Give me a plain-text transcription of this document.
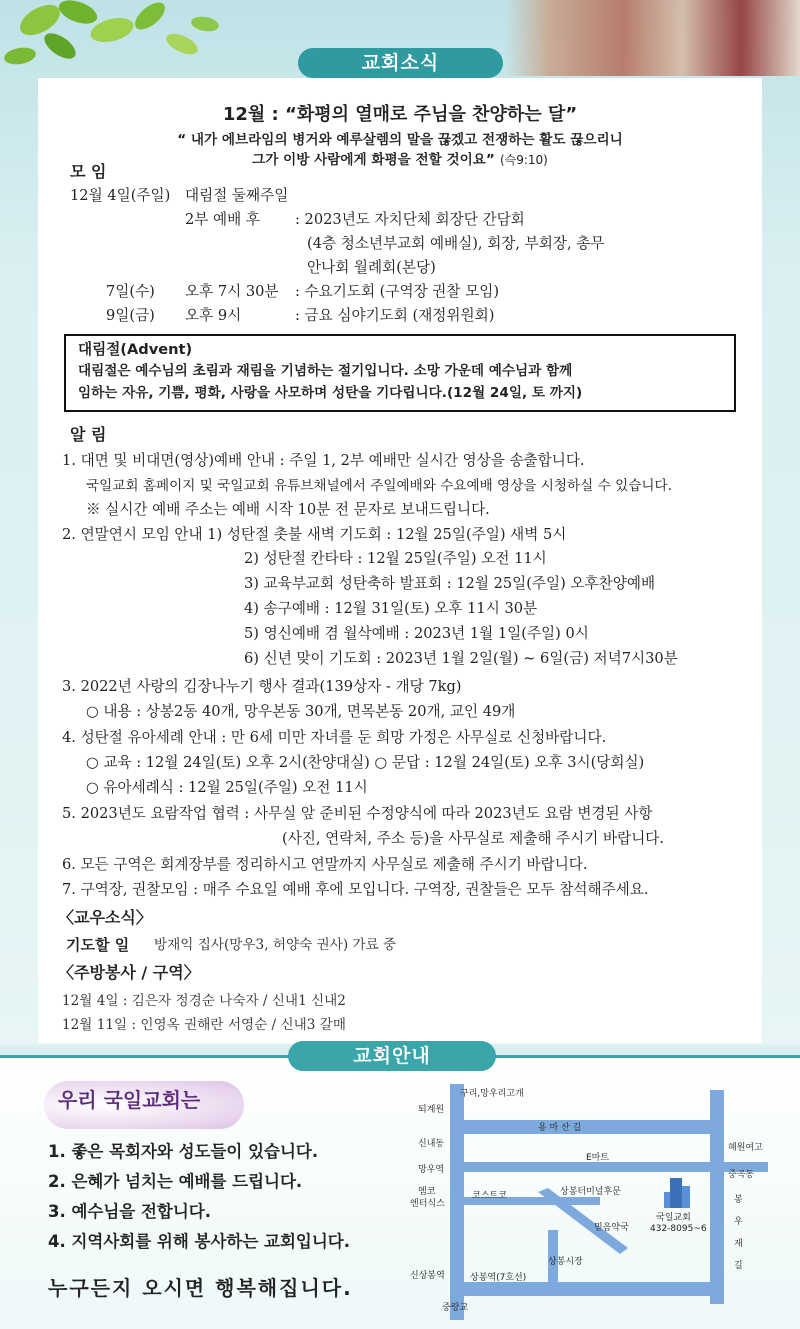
교회소식
12월 : “화평의 열매로 주님을 찬양하는 달”
“ 내가 에브라임의 병거와 예루살렘의 말을 끊겠고 전쟁하는 활도 끊으리니
그가 이방 사람에게 화평을 전할 것이요” (슥9:10)
모 임
12월 4일(주일) 대림절 둘째주일
2부 예배 후 : 2023년도 자치단체 회장단 간담회
(4층 청소년부교회 예배실), 회장, 부회장, 총무
안나회 월례회(본당)
7일(수) 오후 7시 30분 : 수요기도회 (구역장 권찰 모임)
9일(금) 오후 9시	: 금요 심야기도회 (재정위원회)
대림절(Advent)
대림절은 예수님의 초림과 재림을 기념하는 절기입니다. 소망 가운데 예수님과 함께
임하는 자유, 기쁨, 평화, 사랑을 사모하며 성탄을 기다립니다.(12월 24일, 토 까지)
알 림
1. 대면 및 비대면(영상)예배 안내 : 주일 1, 2부 예배만 실시간 영상을 송출합니다.
국일교회 홈페이지 및 국일교회 유튜브채널에서 주일예배와 수요예배 영상을 시청하실 수 있습니다.
※ 실시간 예배 주소는 예배 시작 10분 전 문자로 보내드립니다.
2. 연말연시 모임 안내 1) 성탄절 촛불 새벽 기도회 : 12월 25일(주일) 새벽 5시
2) 성탄절 칸타타 : 12월 25일(주일) 오전 11시
3) 교육부교회 성탄축하 발표회 : 12월 25일(주일) 오후찬양예배
4) 송구예배 : 12월 31일(토) 오후 11시 30분
5) 영신예배 겸 월삭예배 : 2023년 1월 1일(주일) 0시
6) 신년 맞이 기도회 : 2023년 1월 2일(월) ~ 6일(금) 저녁7시30분
3. 2022년 사랑의 김장나누기 행사 결과(139상자 - 개당 7kg)
○ 내용 : 상봉2동 40개, 망우본동 30개, 면목본동 20개, 교인 49개
4. 성탄절 유아세례 안내 : 만 6세 미만 자녀를 둔 희망 가정은 사무실로 신청바랍니다.
○ 교육 : 12월 24일(토) 오후 2시(찬양대실) ○ 문답 : 12월 24일(토) 오후 3시(당회실)
○ 유아세례식 : 12월 25일(주일) 오전 11시
5. 2023년도 요람작업 협력 : 사무실 앞 준비된 수정양식에 따라 2023년도 요람 변경된 사항
(사진, 연락처, 주소 등)을 사무실로 제출해 주시기 바랍니다.
6. 모든 구역은 회계장부를 정리하시고 연말까지 사무실로 제출해 주시기 바랍니다.
7. 구역장, 권찰모임 : 매주 수요일 예배 후에 모입니다. 구역장, 권찰들은 모두 참석해주세요.
〈교우소식〉
기도할 일 방재익 집사(망우3, 허양숙 권사) 가료 중
〈주방봉사 / 구역〉
12월 4일 : 김은자 정경순 나숙자 / 신내1 신내2
12월 11일 : 인영옥 권해란 서영순 / 신내3 갈매
교회안내
우리 국일교회는
1. 좋은 목회자와 성도들이 있습니다.
2. 은혜가 넘치는 예배를 드립니다.
3. 예수님을 전합니다.
4. 지역사회를 위해 봉사하는 교회입니다.
누구든지 오시면 행복해집니다.
구리,망우리고개
퇴계원
용 마 산 길
신내동
E마트
혜원여고
망우역	중곡동
엠코
엔터식스
코스트코	상봉터미널후문
국일교회
432-8095~6
믿음약국
봉
우
재
길
상봉시장
신상봉역	상봉역(7호선)
중랑교
